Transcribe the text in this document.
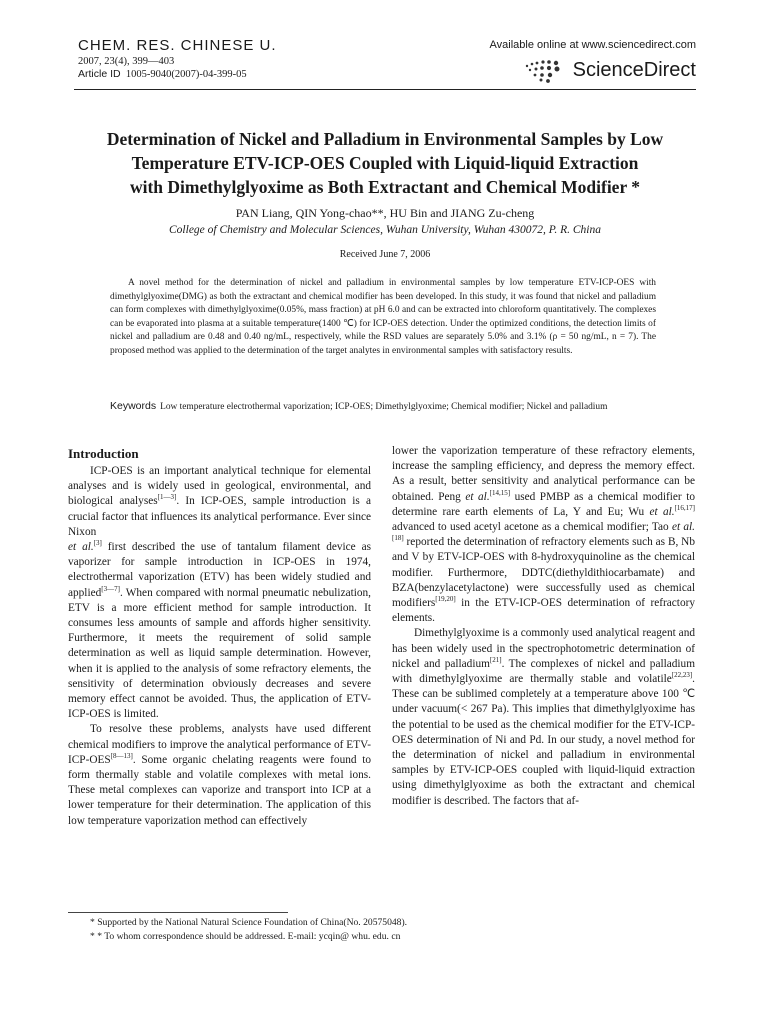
CHEM. RES. CHINESE U.

2007, 23(4), 399—403

Article ID 1005-9040(2007)-04-399-05

Available online at www.sciencedirect.com

ScienceDirect
Determination of Nickel and Palladium in Environmental Samples by Low
Temperature ETV-ICP-OES Coupled with Liquid-liquid Extraction
with Dimethylglyoxime as Both Extractant and Chemical Modifier *

PAN Liang, QIN Yong-chao**, HU Bin and JIANG Zu-cheng

College of Chemistry and Molecular Sciences, Wuhan University, Wuhan 430072, P. R. China

Received June 7, 2006

A novel method for the determination of nickel and palladium in environmental samples by low temperature ETV-ICP-OES with dimethylglyoxime(DMG) as both the extractant and chemical modifier has been developed. In this study, it was found that nickel and palladium can form complexes with dimethylglyoxime(0.05%, mass fraction) at pH 6.0 and can be extracted into chloroform quantitatively. The complexes can be evaporated into plasma at a suitable temperature(1400 ℃) for ICP-OES detection. Under the optimized conditions, the detection limits of nickel and palladium are 0.48 and 0.40 ng/mL, respectively, while the RSD values are separately 5.0% and 3.1% (ρ = 50 ng/mL, n = 7). The proposed method was applied to the determination of the target analytes in environmental samples with satisfactory results.

Keywords Low temperature electrothermal vaporization; ICP-OES; Dimethylglyoxime; Chemical modifier; Nickel and palladium

Introduction

ICP-OES is an important analytical technique for elemental analyses and is widely used in geological, environmental, and biological analyses[1—3]. In ICP-OES, sample introduction is a crucial factor that influences its analytical performance. Ever since Nixon
et al.[3] first described the use of tantalum filament device as vaporizer for sample introduction in ICP-OES in 1974, electrothermal vaporization (ETV) has been widely studied and applied[3—7]. When compared with normal pneumatic nebulization, ETV is a more efficient method for sample introduction. It consumes less amounts of sample and affords higher sensitivity. Furthermore, it meets the requirement of solid sample determination as well as liquid sample determination. However, when it is applied to the analysis of some refractory elements, the sensitivity of determination obviously decreases and severe memory effect cannot be avoided. Thus, the application of ETV-ICP-OES is limited.

To resolve these problems, analysts have used different chemical modifiers to improve the analytical performance of ETV-ICP-OES[8—13]. Some organic chelating reagents were found to form thermally stable and volatile complexes with metal ions. These metal complexes can vaporize and transport into ICP at a lower temperature for their determination. The application of this low temperature vaporization method can effectively

lower the vaporization temperature of these refractory elements, increase the sampling efficiency, and depress the memory effect. As a result, better sensitivity and analytical performance can be obtained. Peng et al.[14,15] used PMBP as a chemical modifier to determine rare earth elements of La, Y and Eu; Wu et al.[16,17] advanced to used acetyl acetone as a chemical modifier; Tao et al.[18] reported the determination of refractory elements such as B, Nb and V by ETV-ICP-OES with 8-hydroxyquinoline as the chemical modifier. Furthermore, DDTC(diethyldithiocarbamate) and BZA(benzylacetylactone) were successfully used as chemical modifiers[19,20] in the ETV-ICP-OES determination of refractory elements.

Dimethylglyoxime is a commonly used analytical reagent and has been widely used in the spectrophotometric determination of nickel and palladium[21]. The complexes of nickel and palladium with dimethylglyoxime are thermally stable and volatile[22,23]. These can be sublimed completely at a temperature above 100 ℃ under vacuum(< 267 Pa). This implies that dimethylglyoxime has the potential to be used as the chemical modifier for the ETV-ICP-OES determination of Ni and Pd. In our study, a novel method for the determination of nickel and palladium in environmental samples by ETV-ICP-OES coupled with liquid-liquid extraction using dimethylglyoxime as both the extractant and chemical modifier is described. The factors that af-

* Supported by the National Natural Science Foundation of China(No. 20575048).

* * To whom correspondence should be addressed. E-mail: ycqin@ whu. edu. cn
